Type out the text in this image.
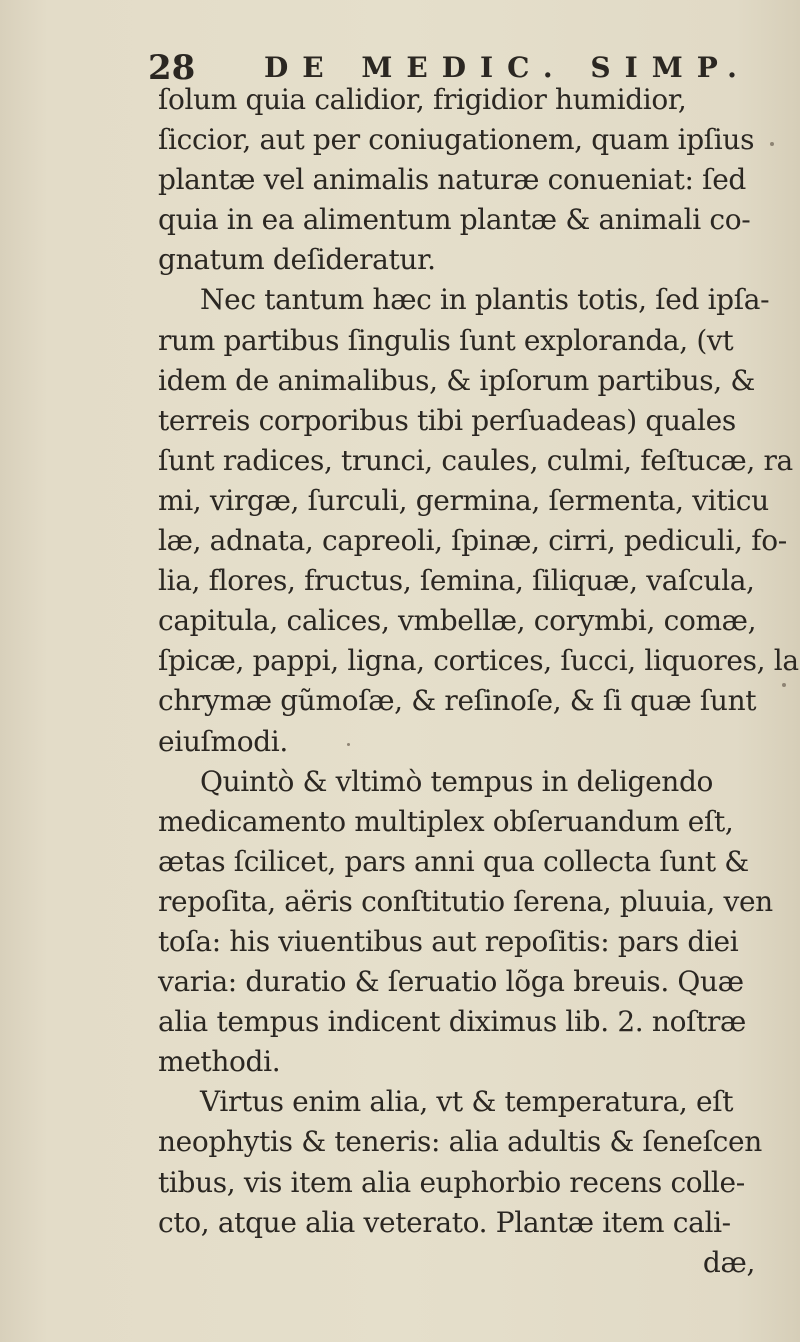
28 DE MEDIC. SIMP.
ſolum quia calidior, frigidior humidior,
ſiccior, aut per coniugationem, quam ipſius
plantæ vel animalis naturæ conueniat: ſed
quia in ea alimentum plantæ & animali co-
gnatum deſideratur.
Nec tantum hæc in plantis totis, ſed ipſa-
rum partibus ſingulis ſunt exploranda, (vt
idem de animalibus, & ipſorum partibus, &
terreis corporibus tibi perſuadeas) quales
ſunt radices, trunci, caules, culmi, feſtucæ, ra
mi, virgæ, ſurculi, germina, ſermenta, viticu
læ, adnata, capreoli, ſpinæ, cirri, pediculi, fo-
lia, flores, fructus, ſemina, ſiliquæ, vaſcula,
capitula, calices, vmbellæ, corymbi, comæ,
ſpicæ, pappi, ligna, cortices, ſucci, liquores, la
chrymæ gũmoſæ, & reſinoſe, & ſi quæ ſunt
eiuſmodi.
Quintò & vltimò tempus in deligendo
medicamento multiplex obſeruandum eſt,
ætas ſcilicet, pars anni qua collecta ſunt &
repoſita, aëris conſtitutio ſerena, pluuia, ven
toſa: his viuentibus aut repoſitis: pars diei
varia: duratio & ſeruatio lõga breuis. Quæ
alia tempus indicent diximus lib. 2. noſtræ
methodi.
Virtus enim alia, vt & temperatura, eſt
neophytis & teneris: alia adultis & ſeneſcen
tibus, vis item alia euphorbio recens colle-
cto, atque alia veterato. Plantæ item cali-
dæ,
